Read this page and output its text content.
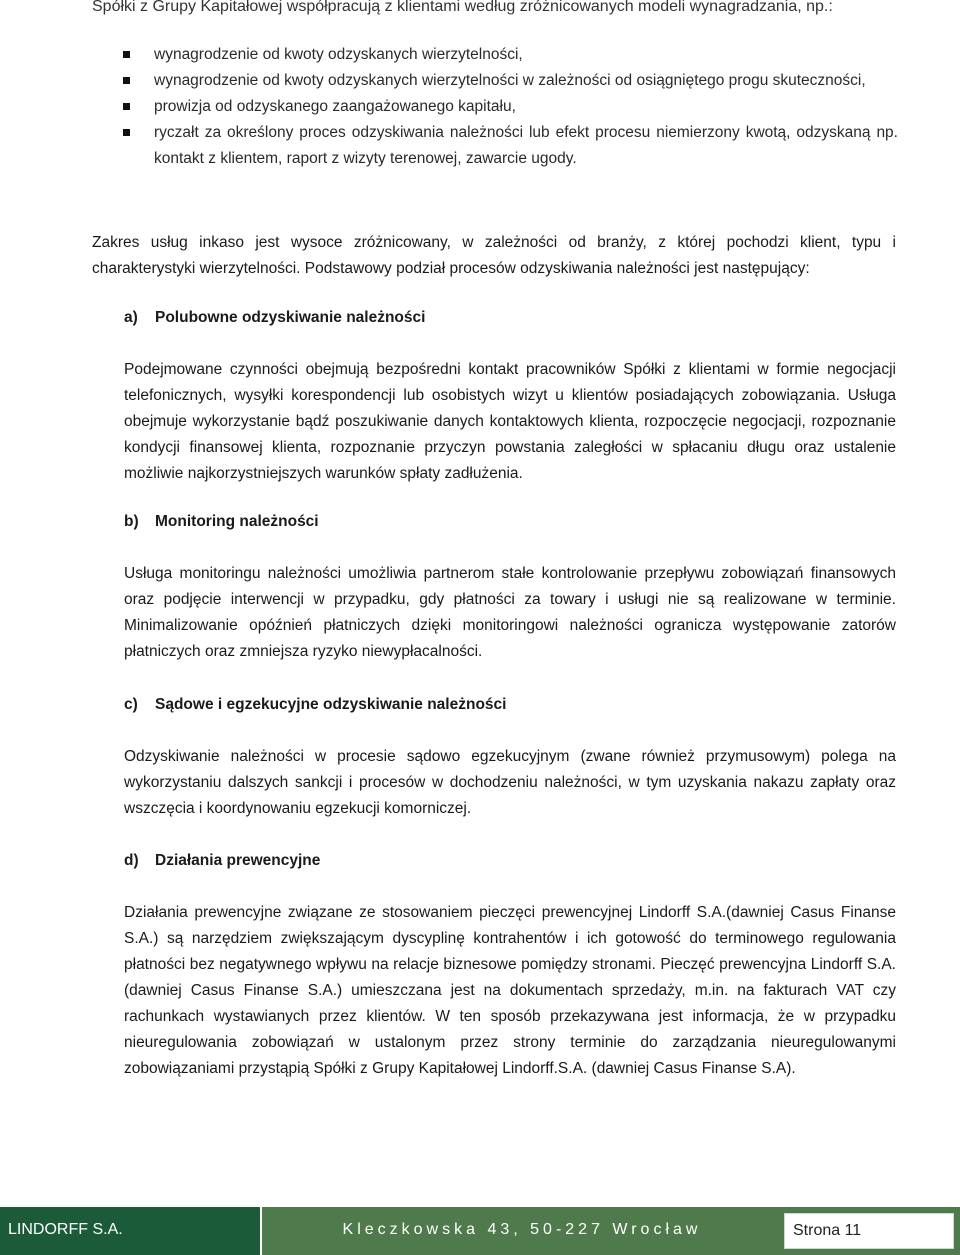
Spółki z Grupy Kapitałowej współpracują z klientami według zróżnicowanych modeli wynagradzania, np.:
wynagrodzenie od kwoty odzyskanych wierzytelności,
wynagrodzenie od kwoty odzyskanych wierzytelności w zależności od osiągniętego progu skuteczności,
prowizja od odzyskanego zaangażowanego kapitału,
ryczałt za określony proces odzyskiwania należności lub efekt procesu niemierzony kwotą, odzyskaną np. kontakt z klientem, raport z wizyty terenowej, zawarcie ugody.

Zakres usług inkaso jest wysoce zróżnicowany, w zależności od branży, z której pochodzi klient, typu i charakterystyki wierzytelności. Podstawowy podział procesów odzyskiwania należności jest następujący:

a) Polubowne odzyskiwanie należności

Podejmowane czynności obejmują bezpośredni kontakt pracowników Spółki z klientami w formie negocjacji telefonicznych, wysyłki korespondencji lub osobistych wizyt u klientów posiadających zobowiązania. Usługa obejmuje wykorzystanie bądź poszukiwanie danych kontaktowych klienta, rozpoczęcie negocjacji, rozpoznanie kondycji finansowej klienta, rozpoznanie przyczyn powstania zaległości w spłacaniu długu oraz ustalenie możliwie najkorzystniejszych warunków spłaty zadłużenia.

b) Monitoring należności

Usługa monitoringu należności umożliwia partnerom stałe kontrolowanie przepływu zobowiązań finansowych oraz podjęcie interwencji w przypadku, gdy płatności za towary i usługi nie są realizowane w terminie. Minimalizowanie opóźnień płatniczych dzięki monitoringowi należności ogranicza występowanie zatorów płatniczych oraz zmniejsza ryzyko niewypłacalności.

c) Sądowe i egzekucyjne odzyskiwanie należności

Odzyskiwanie należności w procesie sądowo egzekucyjnym (zwane również przymusowym) polega na wykorzystaniu dalszych sankcji i procesów w dochodzeniu należności, w tym uzyskania nakazu zapłaty oraz wszczęcia i koordynowaniu egzekucji komorniczej.

d) Działania prewencyjne

Działania prewencyjne związane ze stosowaniem pieczęci prewencyjnej Lindorff S.A.(dawniej Casus Finanse S.A.) są narzędziem zwiększającym dyscyplinę kontrahentów i ich gotowość do terminowego regulowania płatności bez negatywnego wpływu na relacje biznesowe pomiędzy stronami. Pieczęć prewencyjna Lindorff S.A. (dawniej Casus Finanse S.A.) umieszczana jest na dokumentach sprzedaży, m.in. na fakturach VAT czy rachunkach wystawianych przez klientów. W ten sposób przekazywana jest informacja, że w przypadku nieuregulowania zobowiązań w ustalonym przez strony terminie do zarządzania nieuregulowanymi zobowiązaniami przystąpią Spółki z Grupy Kapitałowej Lindorff.S.A. (dawniej Casus Finanse S.A).

LINDORFF S.A.	Kleczkowska 43, 50-227 Wrocław	Strona 11
